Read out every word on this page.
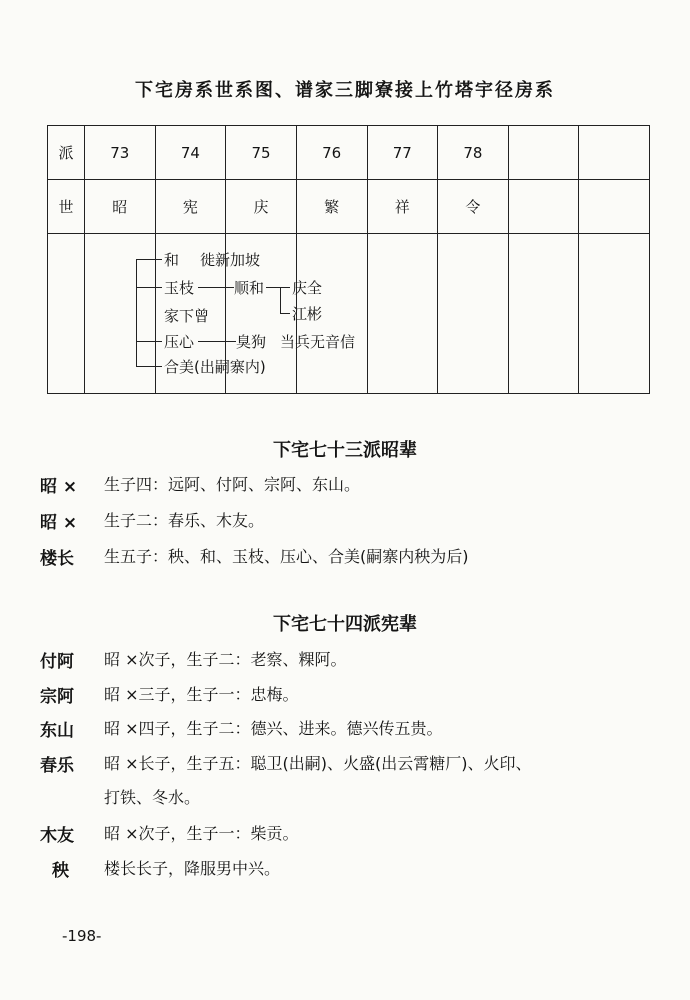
下宅房系世系图、谱家三脚寮接上竹塔宇径房系
派	73	74	75	76	77	78		
世	昭	宪	庆	繁	祥	令		

和 徙新加坡
玉枝
家下曾
压心
合美(出嗣寨内)
顺和 庆全
江彬
臭狗 当兵无音信
下宅七十三派昭辈
昭 × 生子四：远阿、付阿、宗阿、东山。
昭 × 生子二：春乐、木友。
楼长 生五子：秧、和、玉枝、压心、合美(嗣寨内秧为后)
下宅七十四派宪辈
付阿 昭 ×次子，生子二：老察、粿阿。
宗阿 昭 ×三子，生子一：忠梅。
东山 昭 ×四子，生子二：德兴、进来。德兴传五贵。
春乐 昭 ×长子，生子五：聪卫(出嗣)、火盛(出云霄糖厂)、火印、
打铁、冬水。
木友 昭 ×次子，生子一：柴贡。
秧 楼长长子，降服男中兴。
-198-
